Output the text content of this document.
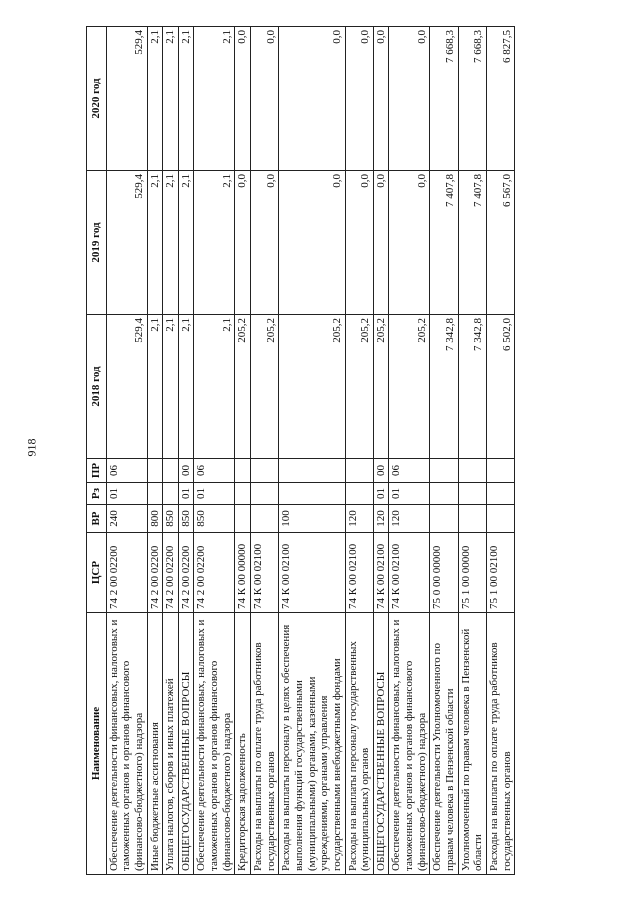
918
Наименование	ЦСР	ВР	Рз	ПР	2018 год	2019 год	2020 год
Обеспечение деятельности финансовых, налоговых и таможенных органов и органов финансового (финансово-бюджетного) надзора	74 2 00 02200	240	01	06	529,4	529,4	529,4
Иные бюджетные ассигнования	74 2 00 02200	800			2,1	2,1	2,1
Уплата налогов, сборов и иных платежей	74 2 00 02200	850			2,1	2,1	2,1
ОБЩЕГОСУДАРСТВЕННЫЕ ВОПРОСЫ	74 2 00 02200	850	01	00	2,1	2,1	2,1
Обеспечение деятельности финансовых, налоговых и таможенных органов и органов финансового (финансово-бюджетного) надзора	74 2 00 02200	850	01	06	2,1	2,1	2,1
Кредиторская задолженность	74 К 00 00000				205,2	0,0	0,0
Расходы на выплаты по оплате труда работников государственных органов	74 К 00 02100				205,2	0,0	0,0
Расходы на выплаты персоналу в целях обеспечения выполнения функций государственными (муниципальными) органами, казенными учреждениями, органами управления государственными внебюджетными фондами	74 К 00 02100	100			205,2	0,0	0,0
Расходы на выплаты персоналу государственных (муниципальных) органов	74 К 00 02100	120			205,2	0,0	0,0
ОБЩЕГОСУДАРСТВЕННЫЕ ВОПРОСЫ	74 К 00 02100	120	01	00	205,2	0,0	0,0
Обеспечение деятельности финансовых, налоговых и таможенных органов и органов финансового (финансово-бюджетного) надзора	74 К 00 02100	120	01	06	205,2	0,0	0,0
Обеспечение деятельности Уполномоченного по правам человека в Пензенской области	75 0 00 00000				7 342,8	7 407,8	7 668,3
Уполномоченный по правам человека в Пензенской области	75 1 00 00000				7 342,8	7 407,8	7 668,3
Расходы на выплаты по оплате труда работников государственных органов	75 1 00 02100				6 502,0	6 567,0	6 827,5
